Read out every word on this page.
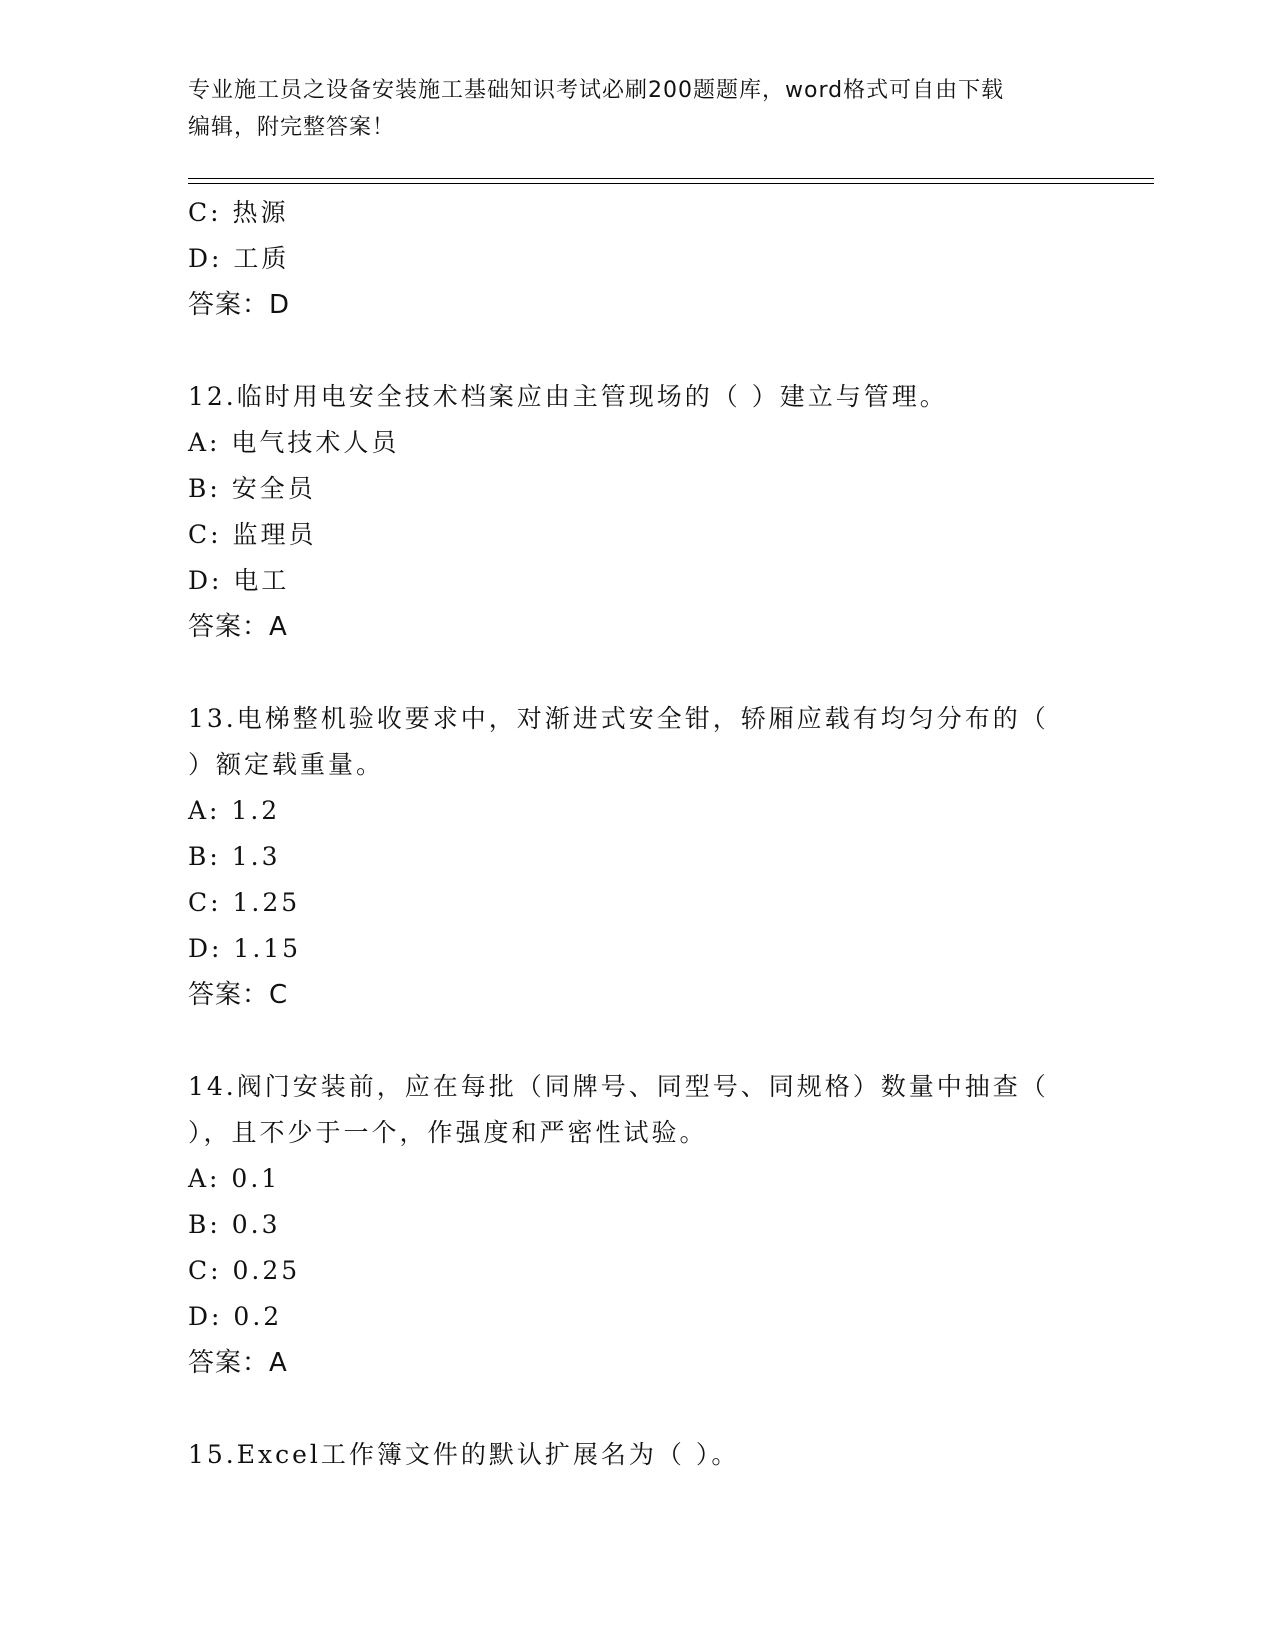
专业施工员之设备安装施工基础知识考试必刷200题题库，word格式可自由下载
编辑，附完整答案！
C: 热源
D: 工质
答案：D
12.临时用电安全技术档案应由主管现场的（ ）建立与管理。
A: 电气技术人员
B: 安全员
C: 监理员
D: 电工
答案：A
13.电梯整机验收要求中，对渐进式安全钳，轿厢应载有均匀分布的（
）额定载重量。
A: 1.2
B: 1.3
C: 1.25
D: 1.15
答案：C
14.阀门安装前，应在每批（同牌号、同型号、同规格）数量中抽查（
），且不少于一个，作强度和严密性试验。
A: 0.1
B: 0.3
C: 0.25
D: 0.2
答案：A
15.Excel工作簿文件的默认扩展名为（ ）。
